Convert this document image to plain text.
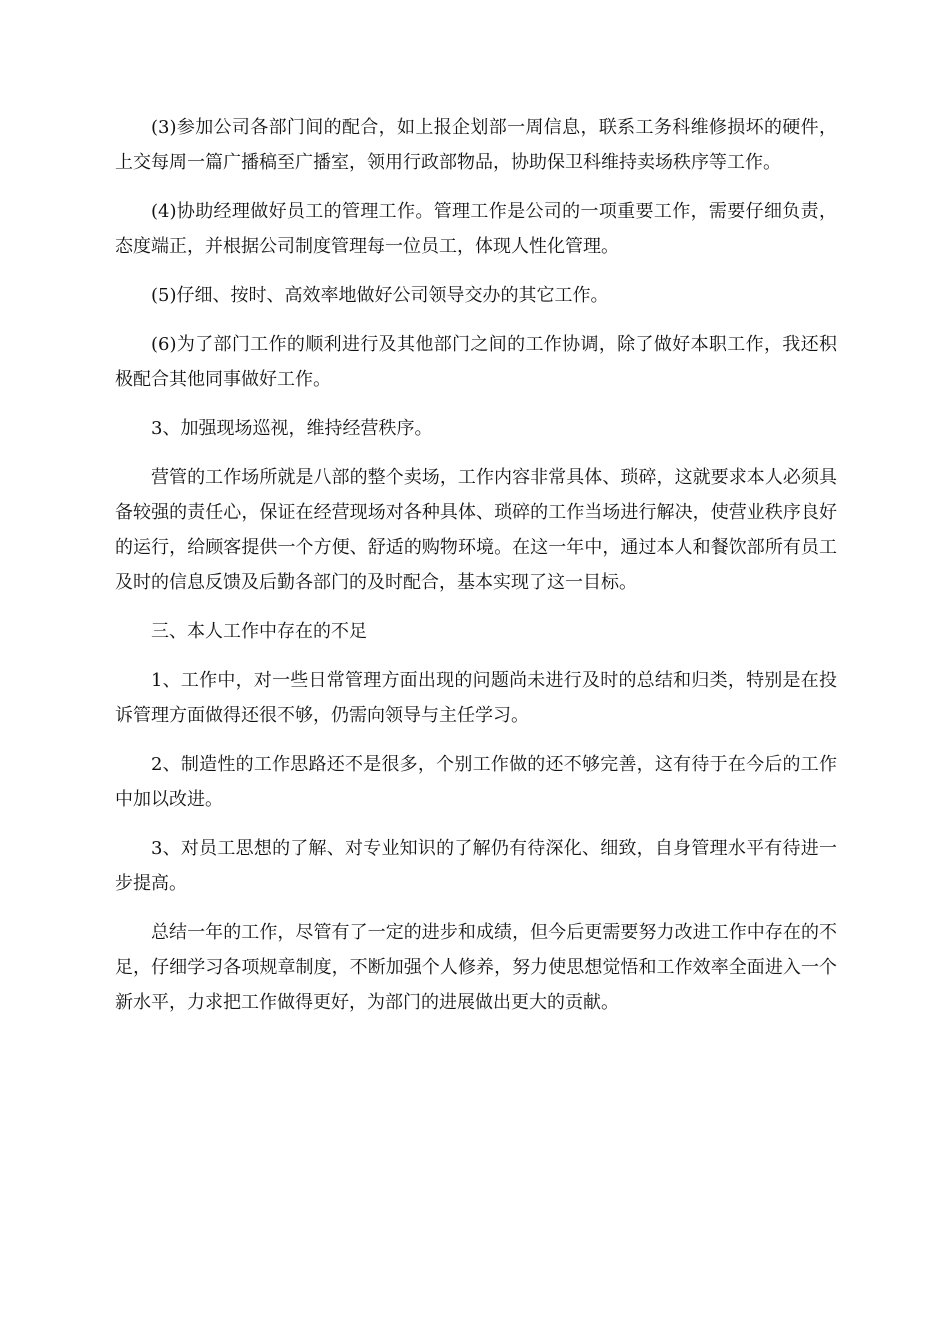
(3)参加公司各部门间的配合，如上报企划部一周信息，联系工务科维修损坏的硬件，上交每周一篇广播稿至广播室，领用行政部物品，协助保卫科维持卖场秩序等工作。

(4)协助经理做好员工的管理工作。管理工作是公司的一项重要工作，需要仔细负责，态度端正，并根据公司制度管理每一位员工，体现人性化管理。

(5)仔细、按时、高效率地做好公司领导交办的其它工作。

(6)为了部门工作的顺利进行及其他部门之间的工作协调，除了做好本职工作，我还积极配合其他同事做好工作。

3、加强现场巡视，维持经营秩序。

营管的工作场所就是八部的整个卖场，工作内容非常具体、琐碎，这就要求本人必须具备较强的责任心，保证在经营现场对各种具体、琐碎的工作当场进行解决，使营业秩序良好的运行，给顾客提供一个方便、舒适的购物环境。在这一年中，通过本人和餐饮部所有员工及时的信息反馈及后勤各部门的及时配合，基本实现了这一目标。

三、本人工作中存在的不足

1、工作中，对一些日常管理方面出现的问题尚未进行及时的总结和归类，特别是在投诉管理方面做得还很不够，仍需向领导与主任学习。

2、制造性的工作思路还不是很多，个别工作做的还不够完善，这有待于在今后的工作中加以改进。

3、对员工思想的了解、对专业知识的了解仍有待深化、细致，自身管理水平有待进一步提高。

总结一年的工作，尽管有了一定的进步和成绩，但今后更需要努力改进工作中存在的不足，仔细学习各项规章制度，不断加强个人修养，努力使思想觉悟和工作效率全面进入一个新水平，力求把工作做得更好，为部门的进展做出更大的贡献。
